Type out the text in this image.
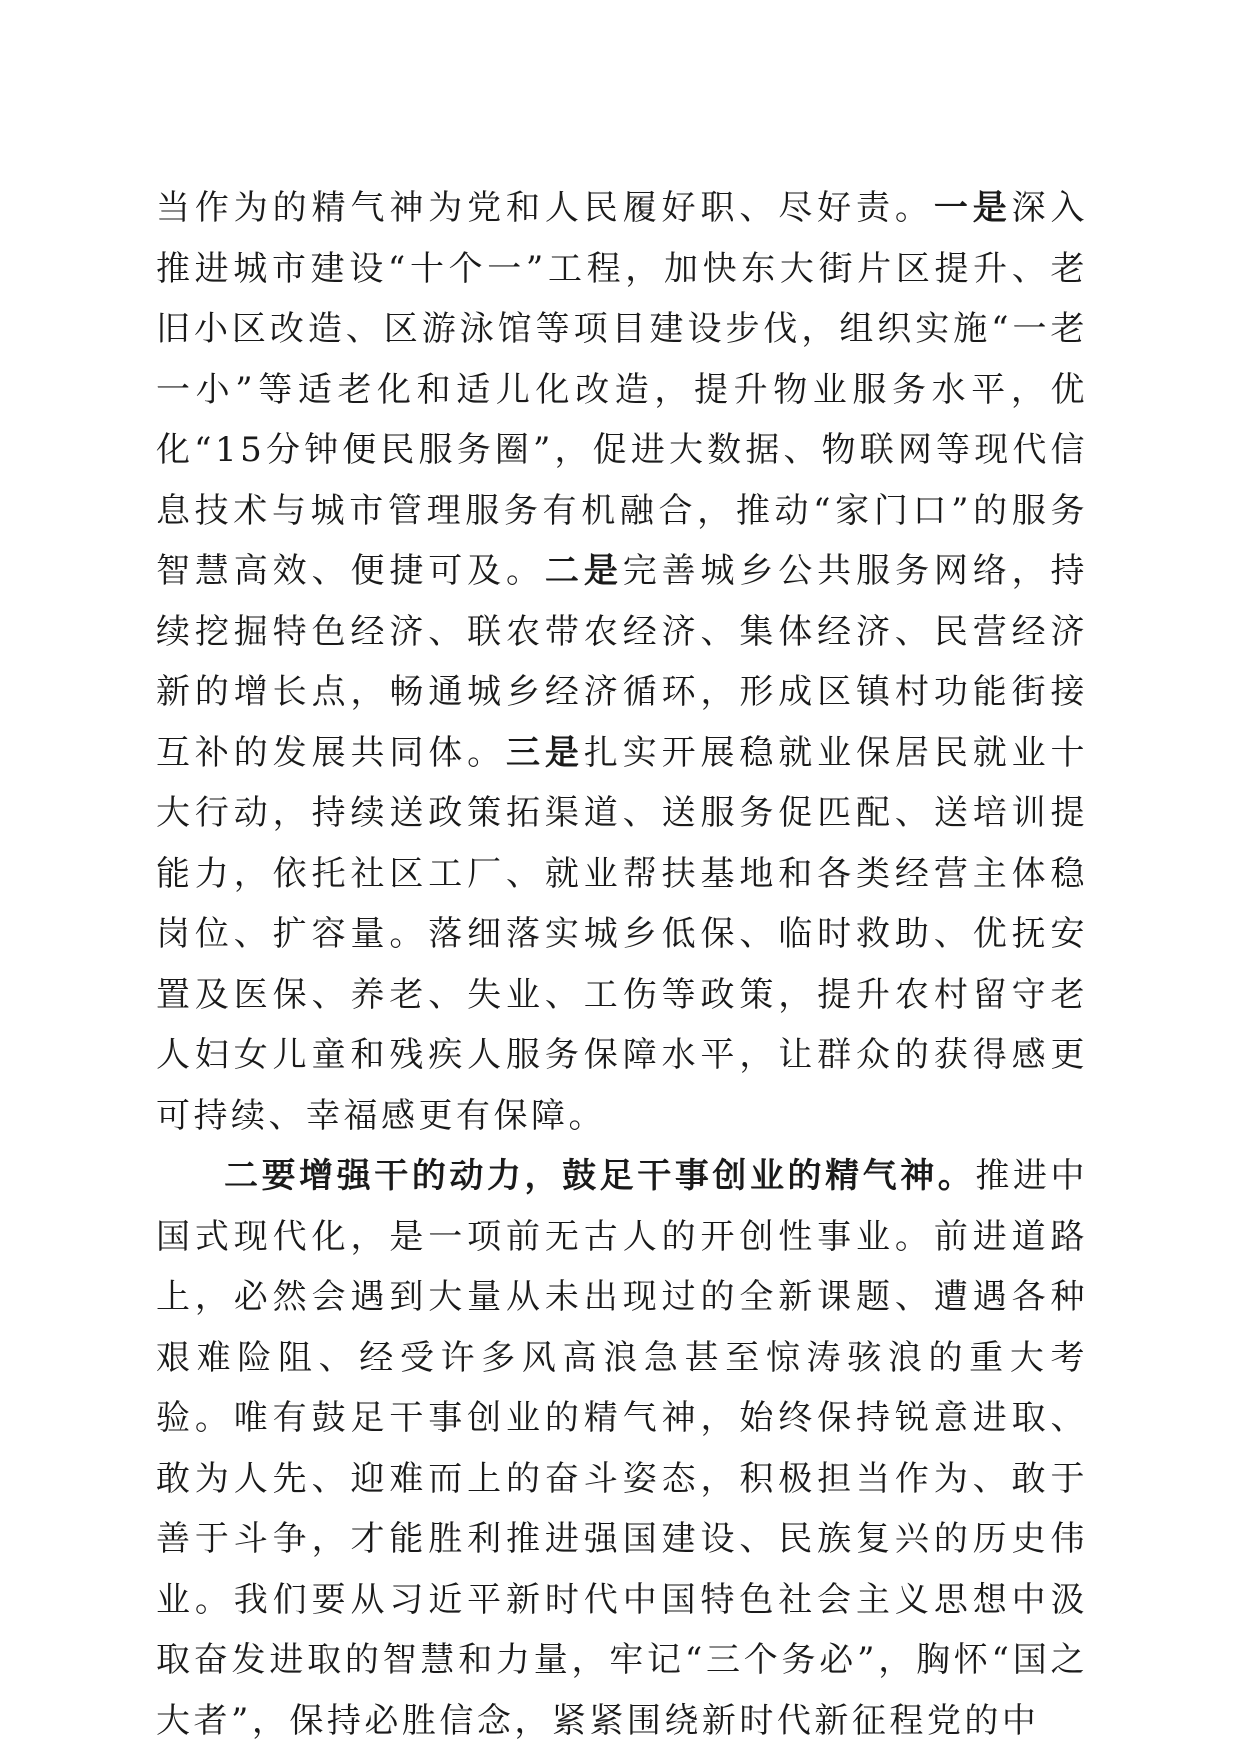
当作为的精气神为党和人民履好职、尽好责。一是深入推进城市建设“十个一”工程，加快东大街片区提升、老旧小区改造、区游泳馆等项目建设步伐，组织实施“一老一小”等适老化和适儿化改造，提升物业服务水平，优化“15分钟便民服务圈”，促进大数据、物联网等现代信息技术与城市管理服务有机融合，推动“家门口”的服务智慧高效、便捷可及。二是完善城乡公共服务网络，持续挖掘特色经济、联农带农经济、集体经济、民营经济新的增长点，畅通城乡经济循环，形成区镇村功能街接互补的发展共同体。三是扎实开展稳就业保居民就业十大行动，持续送政策拓渠道、送服务促匹配、送培训提能力，依托社区工厂、就业帮扶基地和各类经营主体稳岗位、扩容量。落细落实城乡低保、临时救助、优抚安置及医保、养老、失业、工伤等政策，提升农村留守老人妇女儿童和残疾人服务保障水平，让群众的获得感更可持续、幸福感更有保障。

二要增强干的动力，鼓足干事创业的精气神。推进中国式现代化，是一项前无古人的开创性事业。前进道路上，必然会遇到大量从未出现过的全新课题、遭遇各种艰难险阻、经受许多风高浪急甚至惊涛骇浪的重大考验。唯有鼓足干事创业的精气神，始终保持锐意进取、敢为人先、迎难而上的奋斗姿态，积极担当作为、敢于善于斗争，才能胜利推进强国建设、民族复兴的历史伟业。我们要从习近平新时代中国特色社会主义思想中汲取奋发进取的智慧和力量，牢记“三个务必”，胸怀“国之大者”，保持必胜信念，紧紧围绕新时代新征程党的中
